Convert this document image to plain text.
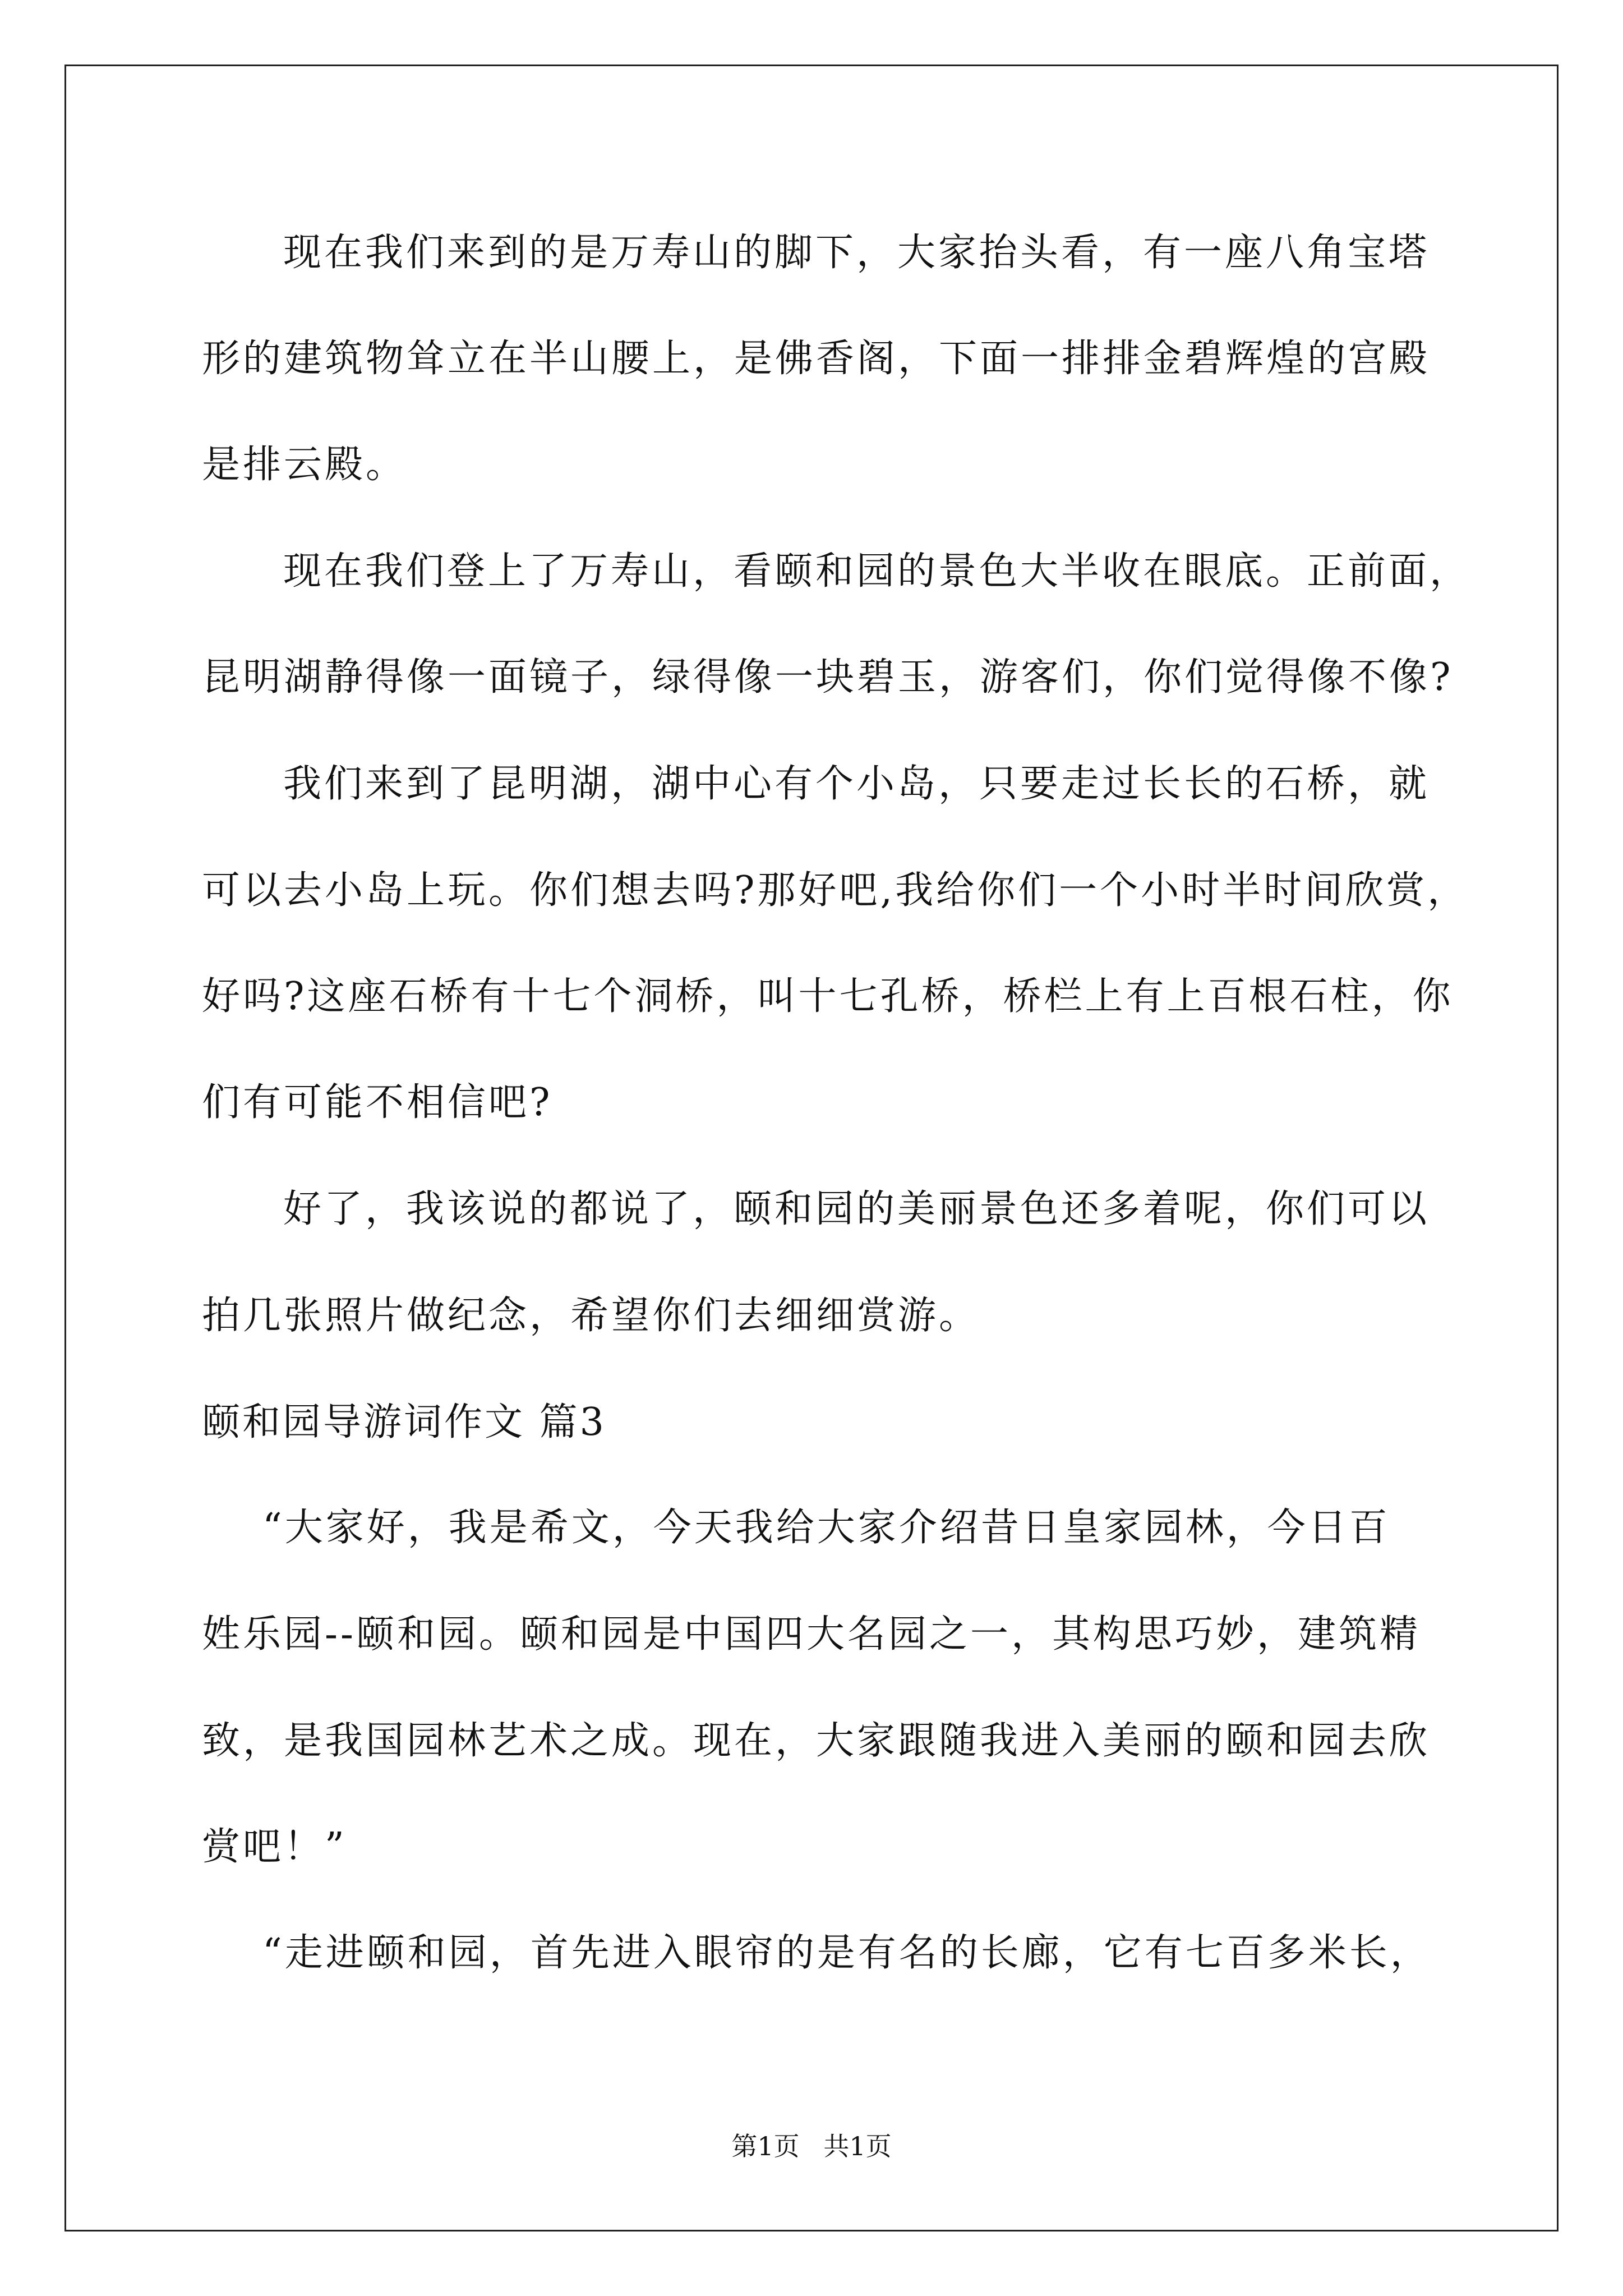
现在我们来到的是万寿山的脚下，大家抬头看，有一座八角宝塔
形的建筑物耸立在半山腰上，是佛香阁，下面一排排金碧辉煌的宫殿
是排云殿。
现在我们登上了万寿山，看颐和园的景色大半收在眼底。正前面，
昆明湖静得像一面镜子，绿得像一块碧玉，游客们，你们觉得像不像?
我们来到了昆明湖，湖中心有个小岛，只要走过长长的石桥，就
可以去小岛上玩。你们想去吗?那好吧,我给你们一个小时半时间欣赏，
好吗?这座石桥有十七个洞桥，叫十七孔桥，桥栏上有上百根石柱，你
们有可能不相信吧?
好了，我该说的都说了，颐和园的美丽景色还多着呢，你们可以
拍几张照片做纪念，希望你们去细细赏游。
颐和园导游词作文 篇3
“大家好，我是希文，今天我给大家介绍昔日皇家园林，今日百
姓乐园--颐和园。颐和园是中国四大名园之一，其构思巧妙，建筑精
致，是我国园林艺术之成。现在，大家跟随我进入美丽的颐和园去欣
赏吧！”
“走进颐和园，首先进入眼帘的是有名的长廊，它有七百多米长，
第1页 共1页
